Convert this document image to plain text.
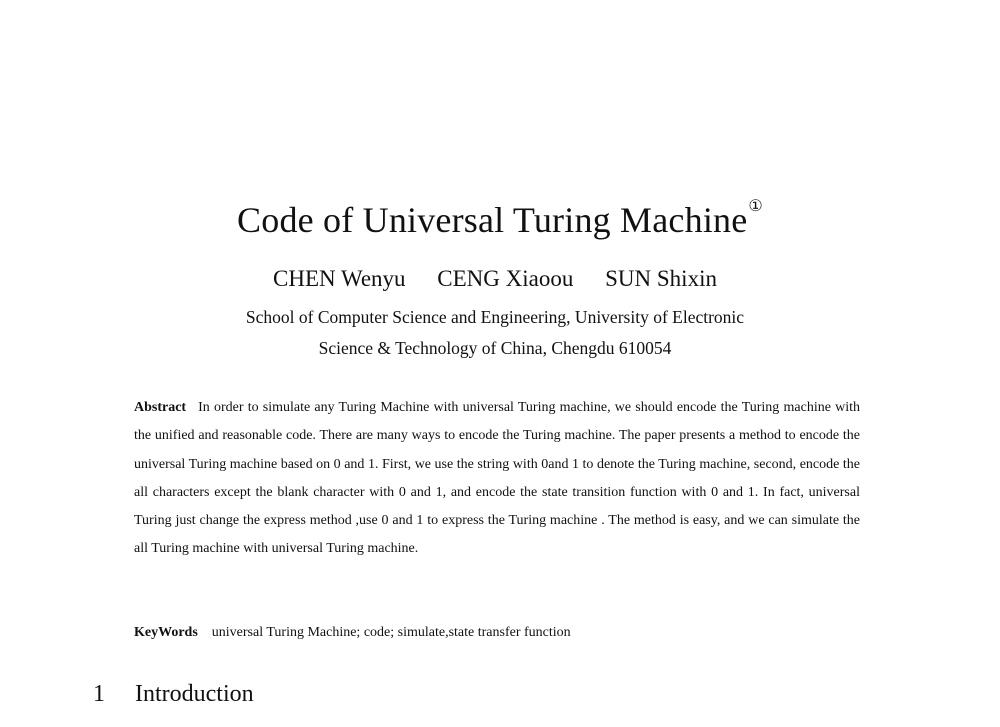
Code of Universal Turing Machine①
CHEN Wenyu CENG Xiaoou SUN Shixin
School of Computer Science and Engineering, University of Electronic
Science & Technology of China, Chengdu 610054
Abstract In order to simulate any Turing Machine with universal Turing machine, we should encode the Turing machine with the unified and reasonable code. There are many ways to encode the Turing machine. The paper presents a method to encode the universal Turing machine based on 0 and 1. First, we use the string with 0and 1 to denote the Turing machine, second, encode the all characters except the blank character with 0 and 1, and encode the state transition function with 0 and 1. In fact, universal Turing just change the express method ,use 0 and 1 to express the Turing machine . The method is easy, and we can simulate the all Turing machine with universal Turing machine.
KeyWords universal Turing Machine; code; simulate,state transfer function
1 Introduction
